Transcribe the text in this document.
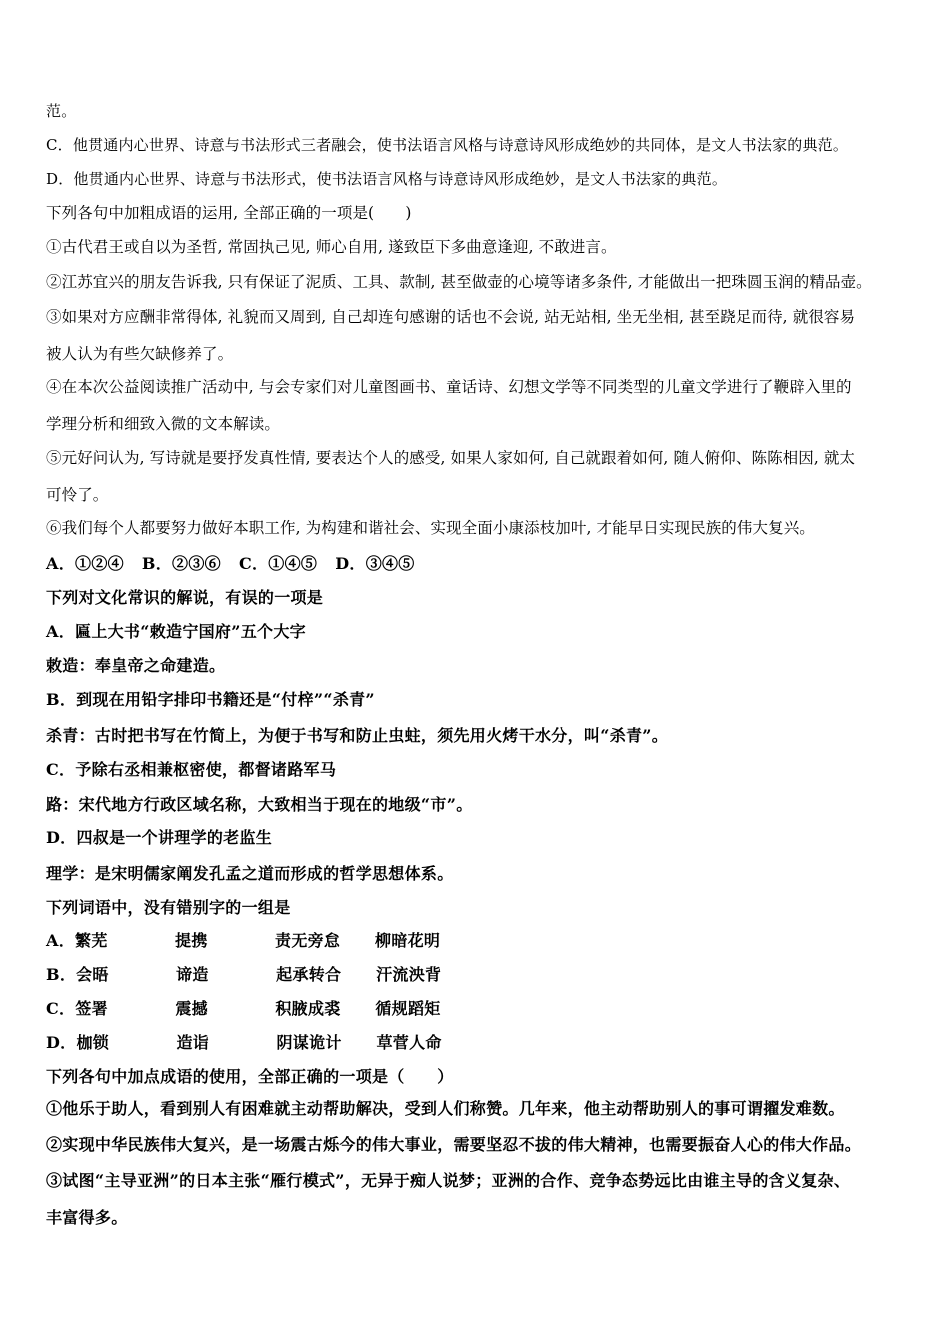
范。
C．他贯通内心世界、诗意与书法形式三者融会，使书法语言风格与诗意诗风形成绝妙的共同体，是文人书法家的典范。
D．他贯通内心世界、诗意与书法形式，使书法语言风格与诗意诗风形成绝妙，是文人书法家的典范。
下列各句中加粗成语的运用, 全部正确的一项是(　　)
①古代君王或自以为圣哲, 常固执己见, 师心自用, 遂致臣下多曲意逢迎, 不敢进言。
②江苏宜兴的朋友告诉我, 只有保证了泥质、工具、款制, 甚至做壶的心境等诸多条件, 才能做出一把珠圆玉润的精品壶。
③如果对方应酬非常得体, 礼貌而又周到, 自己却连句感谢的话也不会说, 站无站相, 坐无坐相, 甚至跷足而待, 就很容易
被人认为有些欠缺修养了。
④在本次公益阅读推广活动中, 与会专家们对儿童图画书、童话诗、幻想文学等不同类型的儿童文学进行了鞭辟入里的
学理分析和细致入微的文本解读。
⑤元好问认为, 写诗就是要抒发真性情, 要表达个人的感受, 如果人家如何, 自己就跟着如何, 随人俯仰、陈陈相因, 就太
可怜了。
⑥我们每个人都要努力做好本职工作, 为构建和谐社会、实现全面小康添枝加叶, 才能早日实现民族的伟大复兴。
A．①②④ B．②③⑥ C．①④⑤ D．③④⑤
下列对文化常识的解说，有误的一项是
A．匾上大书“敕造宁国府”五个大字
敕造：奉皇帝之命建造。
B．到现在用铅字排印书籍还是“付梓”“杀青”
杀青：古时把书写在竹简上，为便于书写和防止虫蛀，须先用火烤干水分，叫“杀青”。
C．予除右丞相兼枢密使，都督诸路军马
路：宋代地方行政区域名称，大致相当于现在的地级“市”。
D．四叔是一个讲理学的老监生
理学：是宋明儒家阐发孔孟之道而形成的哲学思想体系。
下列词语中，没有错别字的一组是
A．繁芜	提携	责无旁怠 柳暗花明
B．会晤	谛造	起承转合 汗流泱背
C．签署	震撼	积腋成裘 循规蹈矩
D．枷锁	造诣	阴谋诡计 草菅人命
下列各句中加点成语的使用，全部正确的一项是（　　）
①他乐于助人，看到别人有困难就主动帮助解决，受到人们称赞。几年来，他主动帮助别人的事可谓擢发难数。
②实现中华民族伟大复兴，是一场震古烁今的伟大事业，需要坚忍不拔的伟大精神，也需要振奋人心的伟大作品。
③试图“主导亚洲”的日本主张“雁行模式”，无异于痴人说梦；亚洲的合作、竞争态势远比由谁主导的含义复杂、
丰富得多。
